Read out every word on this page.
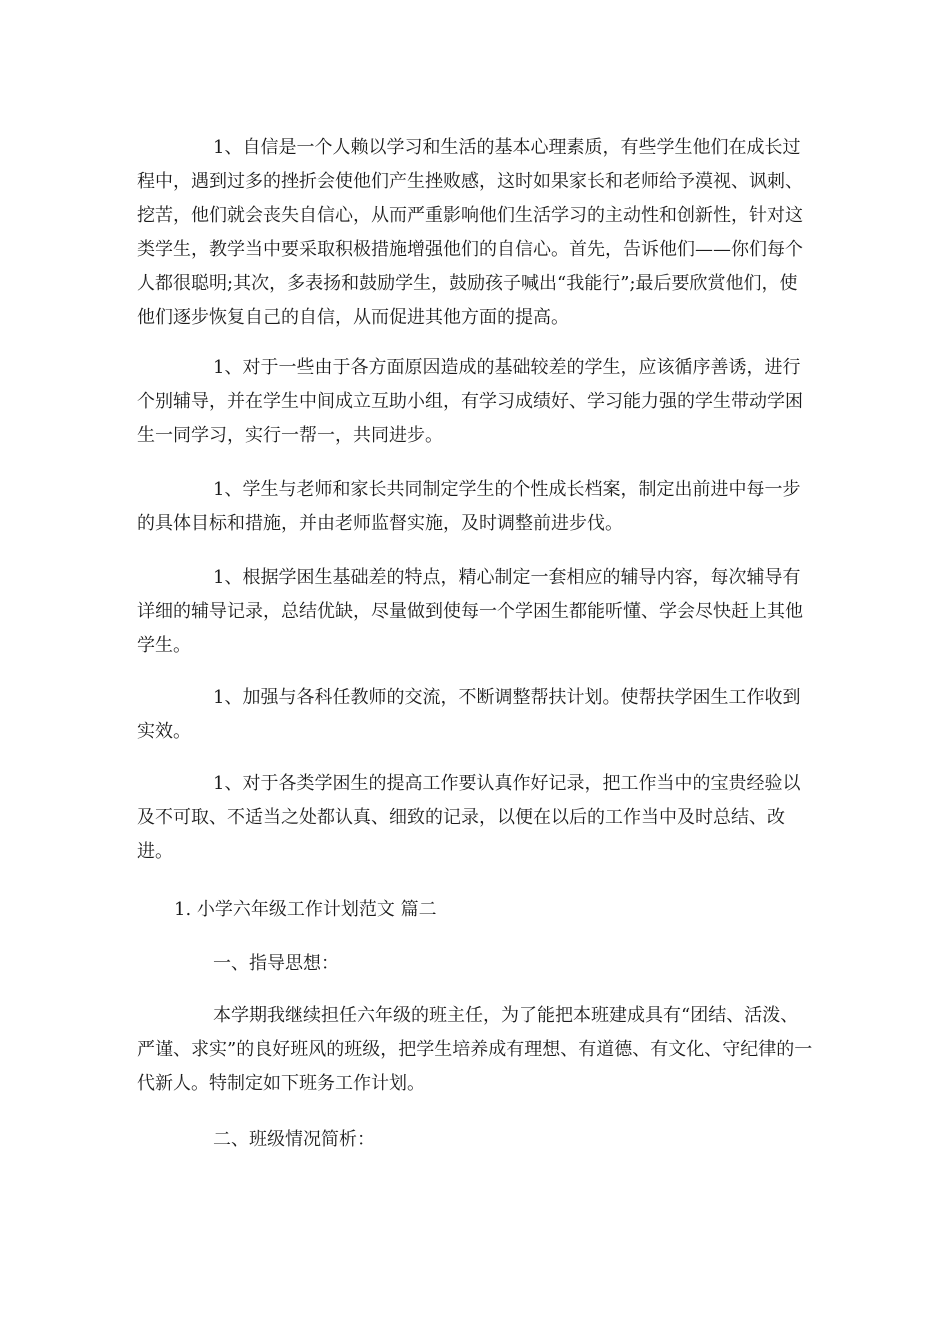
1、自信是一个人赖以学习和生活的基本心理素质，有些学生他们在成长过程中，遇到过多的挫折会使他们产生挫败感，这时如果家长和老师给予漠视、讽刺、挖苦，他们就会丧失自信心，从而严重影响他们生活学习的主动性和创新性，针对这类学生，教学当中要采取积极措施增强他们的自信心。首先，告诉他们——你们每个人都很聪明;其次，多表扬和鼓励学生，鼓励孩子喊出“我能行”;最后要欣赏他们，使他们逐步恢复自己的自信，从而促进其他方面的提高。

1、对于一些由于各方面原因造成的基础较差的学生，应该循序善诱，进行个别辅导，并在学生中间成立互助小组，有学习成绩好、学习能力强的学生带动学困生一同学习，实行一帮一，共同进步。

1、学生与老师和家长共同制定学生的个性成长档案，制定出前进中每一步的具体目标和措施，并由老师监督实施，及时调整前进步伐。

1、根据学困生基础差的特点，精心制定一套相应的辅导内容，每次辅导有详细的辅导记录，总结优缺，尽量做到使每一个学困生都能听懂、学会尽快赶上其他学生。

1、加强与各科任教师的交流，不断调整帮扶计划。使帮扶学困生工作收到实效。

1、对于各类学困生的提高工作要认真作好记录，把工作当中的宝贵经验以及不可取、不适当之处都认真、细致的记录，以便在以后的工作当中及时总结、改进。

1. 小学六年级工作计划范文 篇二

一、指导思想：

本学期我继续担任六年级的班主任，为了能把本班建成具有“团结、活泼、严谨、求实”的良好班风的班级，把学生培养成有理想、有道德、有文化、守纪律的一代新人。特制定如下班务工作计划。

二、班级情况简析：
